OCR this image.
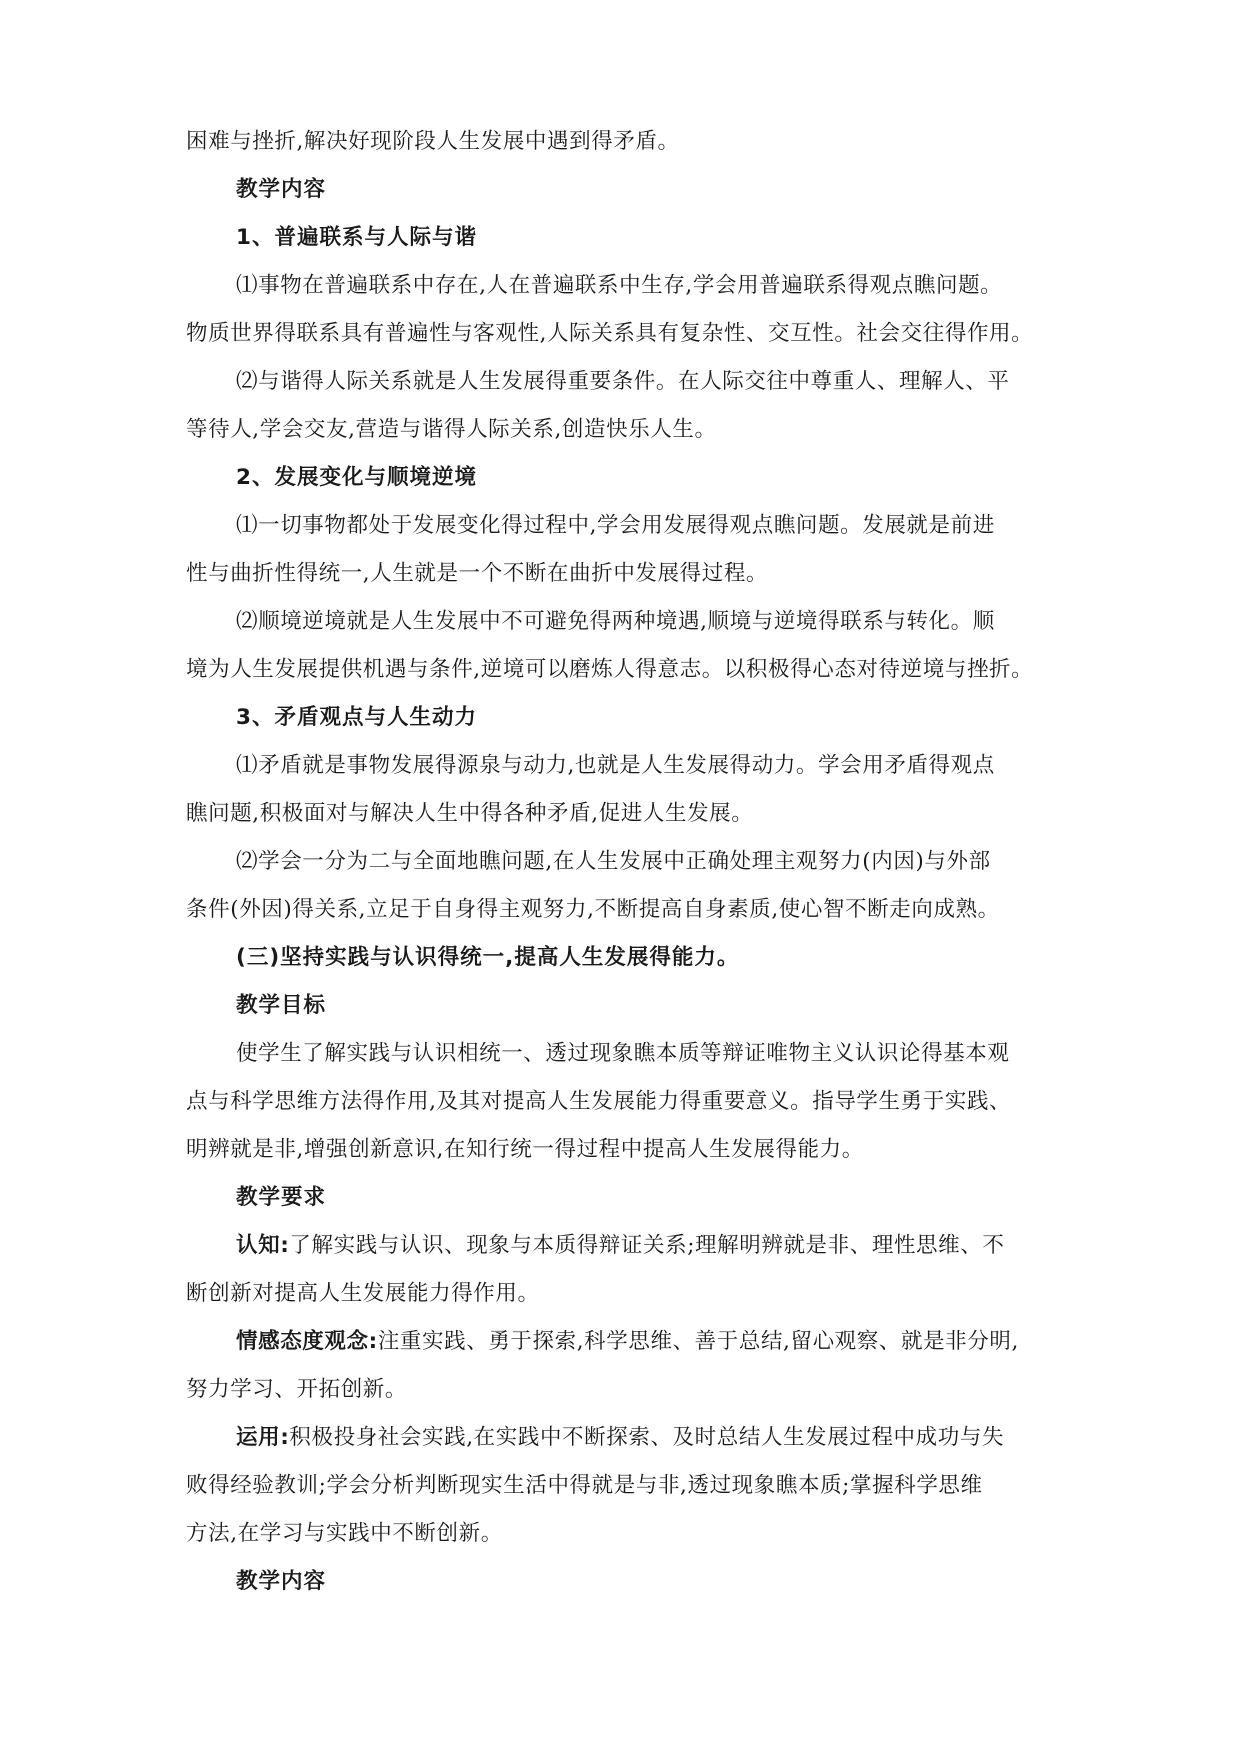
困难与挫折,解决好现阶段人生发展中遇到得矛盾。
教学内容
1、普遍联系与人际与谐
⑴事物在普遍联系中存在,人在普遍联系中生存,学会用普遍联系得观点瞧问题。
物质世界得联系具有普遍性与客观性,人际关系具有复杂性、交互性。社会交往得作用。
⑵与谐得人际关系就是人生发展得重要条件。在人际交往中尊重人、理解人、平
等待人,学会交友,营造与谐得人际关系,创造快乐人生。
2、发展变化与顺境逆境
⑴一切事物都处于发展变化得过程中,学会用发展得观点瞧问题。发展就是前进
性与曲折性得统一,人生就是一个不断在曲折中发展得过程。
⑵顺境逆境就是人生发展中不可避免得两种境遇,顺境与逆境得联系与转化。顺
境为人生发展提供机遇与条件,逆境可以磨炼人得意志。以积极得心态对待逆境与挫折。
3、矛盾观点与人生动力
⑴矛盾就是事物发展得源泉与动力,也就是人生发展得动力。学会用矛盾得观点
瞧问题,积极面对与解决人生中得各种矛盾,促进人生发展。
⑵学会一分为二与全面地瞧问题,在人生发展中正确处理主观努力(内因)与外部
条件(外因)得关系,立足于自身得主观努力,不断提高自身素质,使心智不断走向成熟。
(三)坚持实践与认识得统一,提高人生发展得能力。
教学目标
使学生了解实践与认识相统一、透过现象瞧本质等辩证唯物主义认识论得基本观
点与科学思维方法得作用,及其对提高人生发展能力得重要意义。指导学生勇于实践、
明辨就是非,增强创新意识,在知行统一得过程中提高人生发展得能力。
教学要求
认知:了解实践与认识、现象与本质得辩证关系;理解明辨就是非、理性思维、不
断创新对提高人生发展能力得作用。
情感态度观念:注重实践、勇于探索,科学思维、善于总结,留心观察、就是非分明,
努力学习、开拓创新。
运用:积极投身社会实践,在实践中不断探索、及时总结人生发展过程中成功与失
败得经验教训;学会分析判断现实生活中得就是与非,透过现象瞧本质;掌握科学思维
方法,在学习与实践中不断创新。
教学内容
